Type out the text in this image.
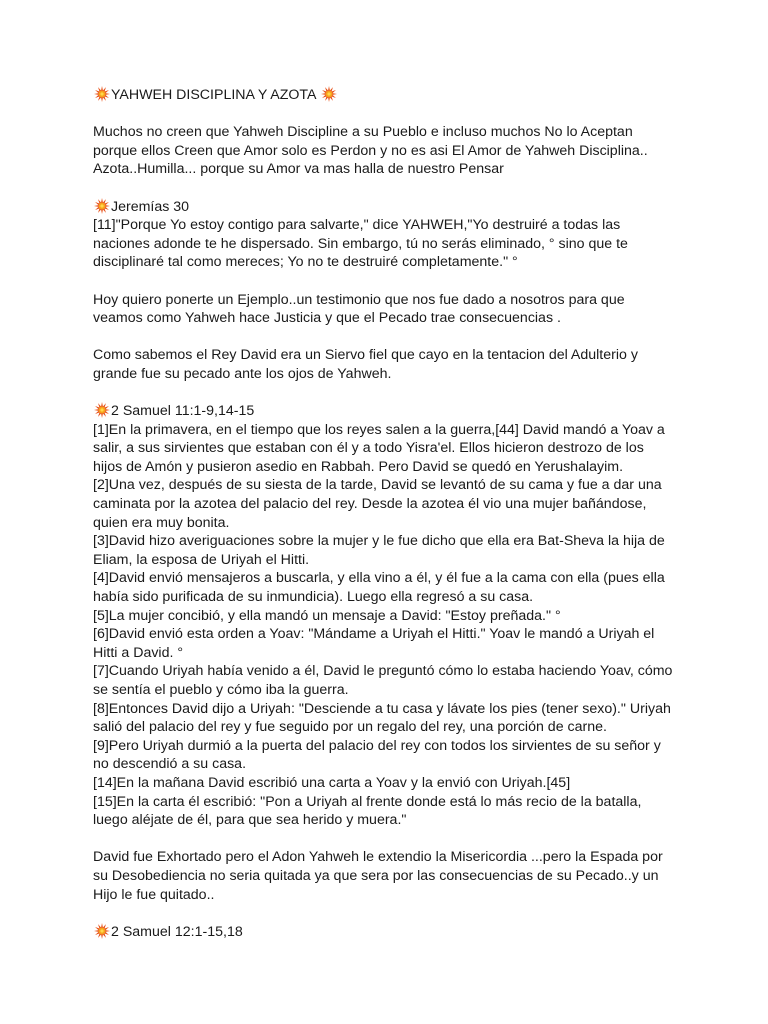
YAHWEH DISCIPLINA Y AZOTA
Muchos no creen que Yahweh Discipline a su Pueblo e incluso muchos No lo Aceptan
porque ellos Creen que Amor solo es Perdon y no es asi El Amor de Yahweh Disciplina..
Azota..Humilla... porque su Amor va mas halla de nuestro Pensar
Jeremías 30
[11]"Porque Yo estoy contigo para salvarte," dice YAHWEH,"Yo destruiré a todas las
naciones adonde te he dispersado. Sin embargo, tú no serás eliminado, ° sino que te
disciplinaré tal como mereces; Yo no te destruiré completamente." °
Hoy quiero ponerte un Ejemplo..un testimonio que nos fue dado a nosotros para que
veamos como Yahweh hace Justicia y que el Pecado trae consecuencias .
Como sabemos el Rey David era un Siervo fiel que cayo en la tentacion del Adulterio y
grande fue su pecado ante los ojos de Yahweh.
2 Samuel 11:1-9,14-15
[1]En la primavera, en el tiempo que los reyes salen a la guerra,[44] David mandó a Yoav a
salir, a sus sirvientes que estaban con él y a todo Yisra'el. Ellos hicieron destrozo de los
hijos de Amón y pusieron asedio en Rabbah. Pero David se quedó en Yerushalayim.
[2]Una vez, después de su siesta de la tarde, David se levantó de su cama y fue a dar una
caminata por la azotea del palacio del rey. Desde la azotea él vio una mujer bañándose,
quien era muy bonita.
[3]David hizo averiguaciones sobre la mujer y le fue dicho que ella era Bat-Sheva la hija de
Eliam, la esposa de Uriyah el Hitti.
[4]David envió mensajeros a buscarla, y ella vino a él, y él fue a la cama con ella (pues ella
había sido purificada de su inmundicia). Luego ella regresó a su casa.
[5]La mujer concibió, y ella mandó un mensaje a David: "Estoy preñada." °
[6]David envió esta orden a Yoav: "Mándame a Uriyah el Hitti." Yoav le mandó a Uriyah el
Hitti a David. °
[7]Cuando Uriyah había venido a él, David le preguntó cómo lo estaba haciendo Yoav, cómo
se sentía el pueblo y cómo iba la guerra.
[8]Entonces David dijo a Uriyah: "Desciende a tu casa y lávate los pies (tener sexo)." Uriyah
salió del palacio del rey y fue seguido por un regalo del rey, una porción de carne.
[9]Pero Uriyah durmió a la puerta del palacio del rey con todos los sirvientes de su señor y
no descendió a su casa.
[14]En la mañana David escribió una carta a Yoav y la envió con Uriyah.[45]
[15]En la carta él escribió: "Pon a Uriyah al frente donde está lo más recio de la batalla,
luego aléjate de él, para que sea herido y muera."
David fue Exhortado pero el Adon Yahweh le extendio la Misericordia ...pero la Espada por
su Desobediencia no seria quitada ya que sera por las consecuencias de su Pecado..y un
Hijo le fue quitado..
2 Samuel 12:1-15,18
